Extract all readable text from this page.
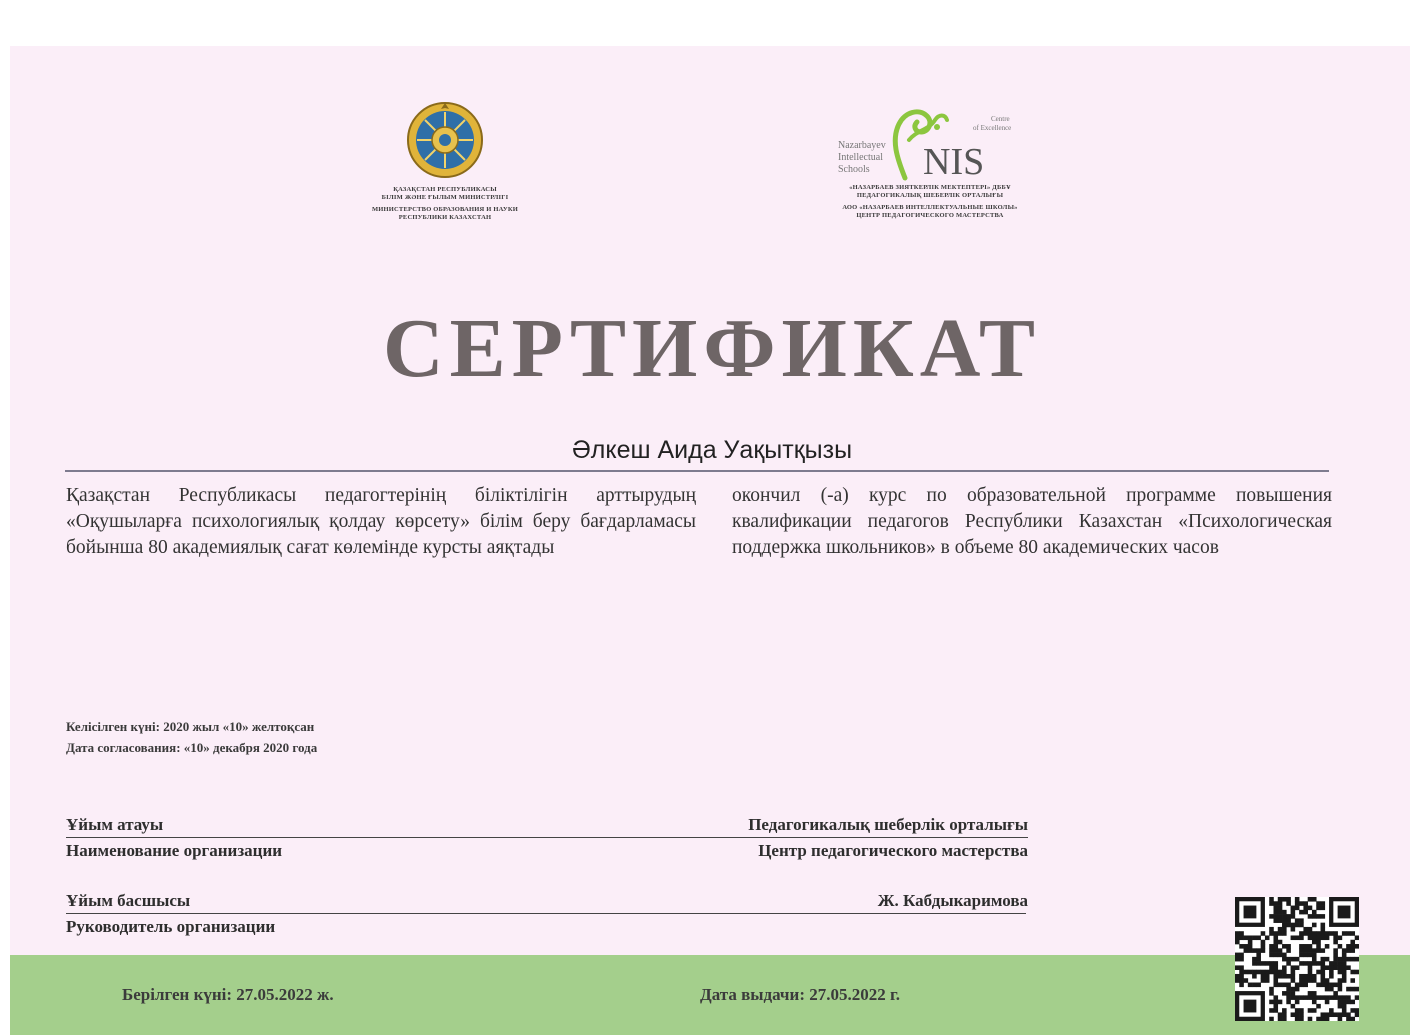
ҚАЗАҚСТАН РЕСПУБЛИКАСЫ
БІЛІМ ЖӘНЕ ҒЫЛЫМ МИНИСТРЛІГІ
МИНИСТЕРСТВО ОБРАЗОВАНИЯ И НАУКИ
РЕСПУБЛИКИ КАЗАХСТАН
Nazarbayev
Intellectual
Schools
Centre
of Excellence
NIS
«НАЗАРБАЕВ ЗИЯТКЕРЛІК МЕКТЕПТЕРІ» ДББҰ
ПЕДАГОГИКАЛЫҚ ШЕБЕРЛІК ОРТАЛЫҒЫ
АОО «НАЗАРБАЕВ ИНТЕЛЛЕКТУАЛЬНЫЕ ШКОЛЫ»
ЦЕНТР ПЕДАГОГИЧЕСКОГО МАСТЕРСТВА
СЕРТИФИКАТ
Әлкеш Аида Уақытқызы
Қазақстан Республикасы педагогтерінің біліктілігін арттырудың «Оқушыларға психологиялық қолдау көрсету» білім беру бағдарламасы бойынша 80 академиялық сағат көлемінде курсты аяқтады
окончил (-а) курс по образовательной программе повышения квалификации педагогов Республики Казахстан «Психологическая поддержка школьников» в объеме 80 академических часов
Келісілген күні: 2020 жыл «10» желтоқсан
Дата согласования: «10» декабря 2020 года
Ұйым атауы	Педагогикалық шеберлік орталығы
Наименование организации	Центр педагогического мастерства
Ұйым басшысы	Ж. Кабдыкаримова
Руководитель организации
Берілген күні: 27.05.2022 ж.	Дата выдачи: 27.05.2022 г.
